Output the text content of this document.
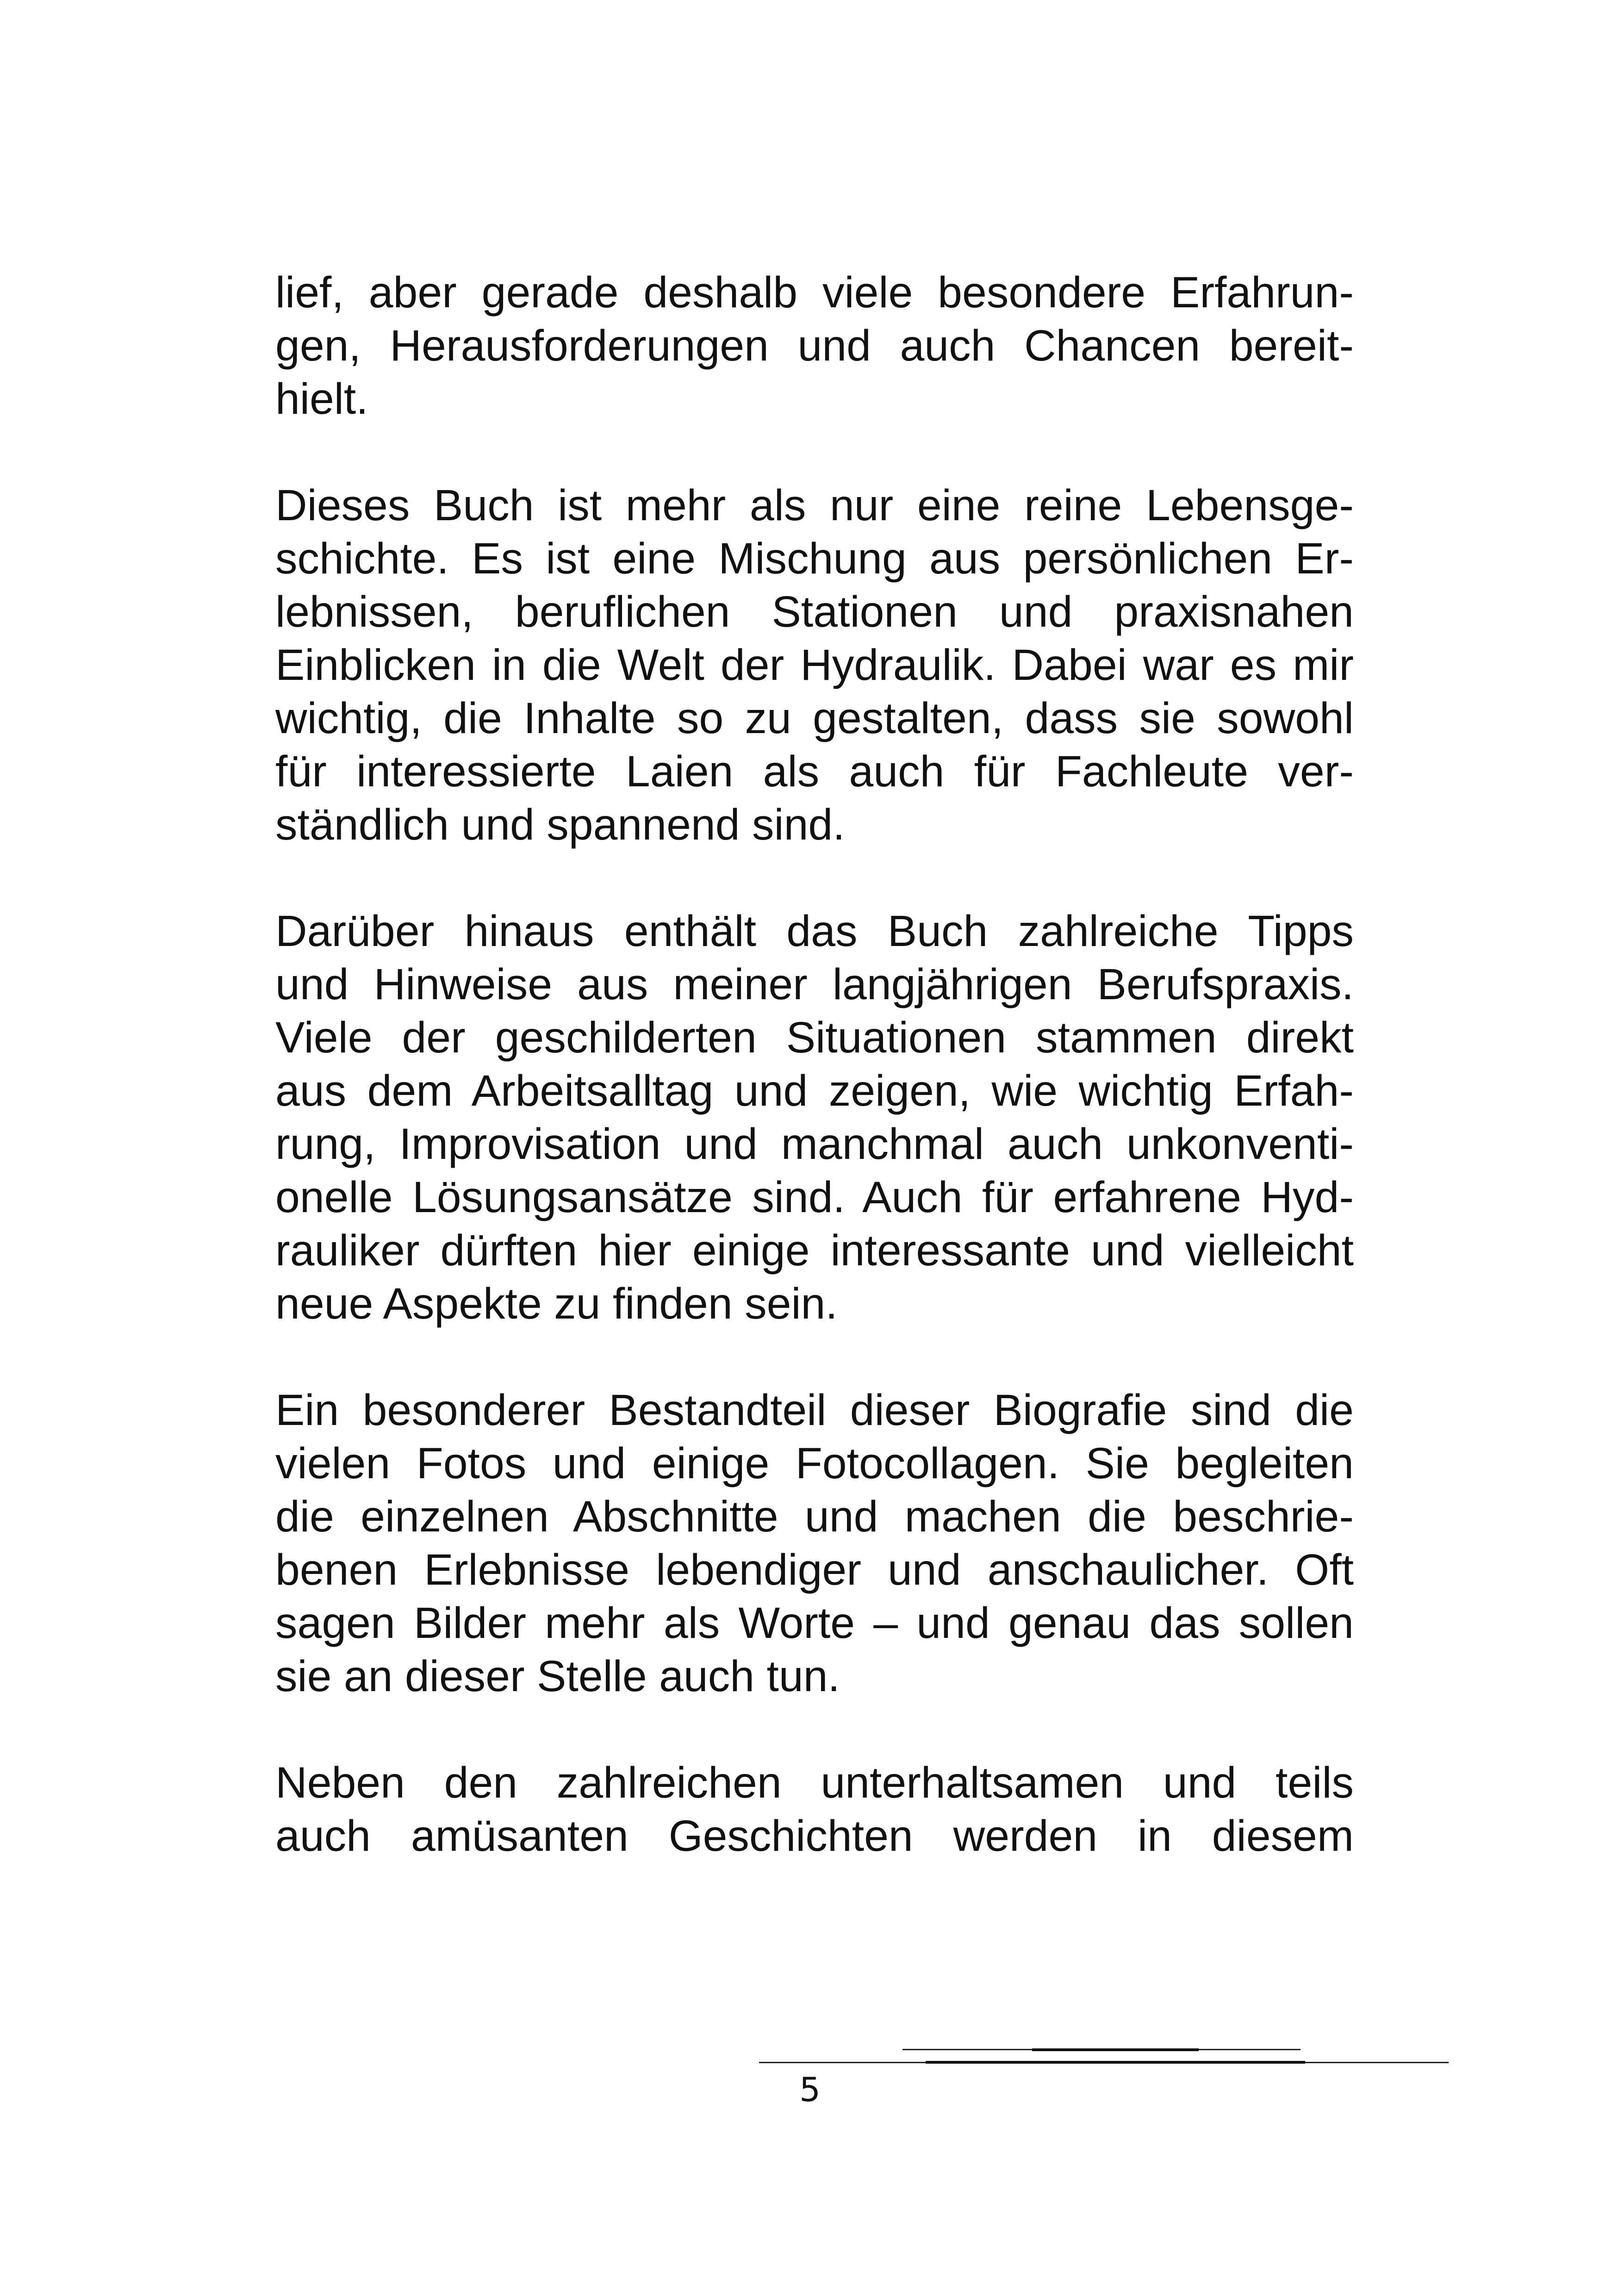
lief, aber gerade deshalb viele besondere Erfahrun-
gen, Herausforderungen und auch Chancen bereit-
hielt.

Dieses Buch ist mehr als nur eine reine Lebensge-
schichte. Es ist eine Mischung aus persönlichen Er-
lebnissen, beruflichen Stationen und praxisnahen
Einblicken in die Welt der Hydraulik. Dabei war es mir
wichtig, die Inhalte so zu gestalten, dass sie sowohl
für interessierte Laien als auch für Fachleute ver-
ständlich und spannend sind.

Darüber hinaus enthält das Buch zahlreiche Tipps
und Hinweise aus meiner langjährigen Berufspraxis.
Viele der geschilderten Situationen stammen direkt
aus dem Arbeitsalltag und zeigen, wie wichtig Erfah-
rung, Improvisation und manchmal auch unkonventi-
onelle Lösungsansätze sind. Auch für erfahrene Hyd-
rauliker dürften hier einige interessante und vielleicht
neue Aspekte zu finden sein.

Ein besonderer Bestandteil dieser Biografie sind die
vielen Fotos und einige Fotocollagen. Sie begleiten
die einzelnen Abschnitte und machen die beschrie-
benen Erlebnisse lebendiger und anschaulicher. Oft
sagen Bilder mehr als Worte – und genau das sollen
sie an dieser Stelle auch tun.

Neben den zahlreichen unterhaltsamen und teils
auch amüsanten Geschichten werden in diesem

5
